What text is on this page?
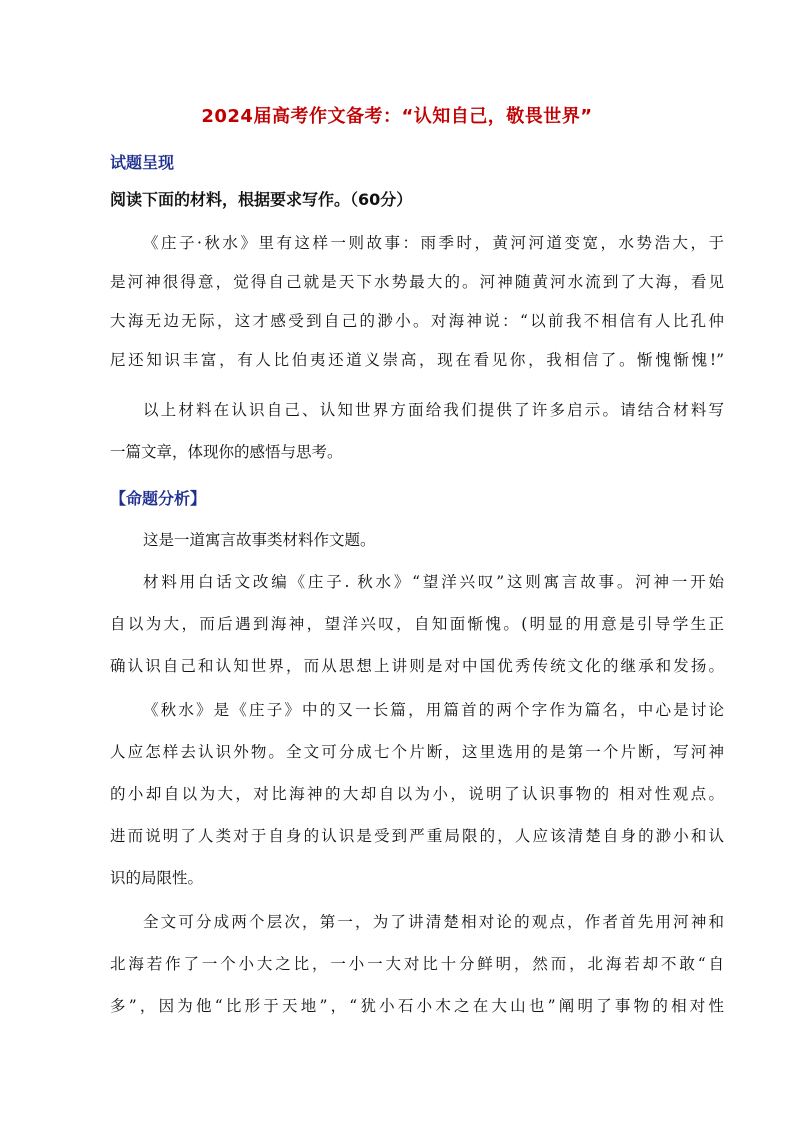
2024届高考作文备考：“认知自己，敬畏世界”
试题呈现
阅读下面的材料，根据要求写作。（60分）
《庄子·秋水》里有这样一则故事：雨季时，黄河河道变宽，水势浩大，于
是河神很得意，觉得自己就是天下水势最大的。河神随黄河水流到了大海，看见
大海无边无际，这才感受到自己的渺小。对海神说：“以前我不相信有人比孔仲
尼还知识丰富，有人比伯夷还道义崇高，现在看见你，我相信了。惭愧惭愧!”
以上材料在认识自己、认知世界方面给我们提供了许多启示。请结合材料写
一篇文章，体现你的感悟与思考。
【命题分析】
这是一道寓言故事类材料作文题。
材料用白话文改编《庄子. 秋水》“望洋兴叹”这则寓言故事。河神一开始
自以为大，而后遇到海神，望洋兴叹，自知面惭愧。(明显的用意是引导学生正
确认识自己和认知世界，而从思想上讲则是对中国优秀传统文化的继承和发扬。
《秋水》是《庄子》中的又一长篇，用篇首的两个字作为篇名，中心是讨论
人应怎样去认识外物。全文可分成七个片断，这里选用的是第一个片断，写河神
的小却自以为大，对比海神的大却自以为小，说明了认识事物的 相对性观点。
进而说明了人类对于自身的认识是受到严重局限的，人应该清楚自身的渺小和认
识的局限性。
全文可分成两个层次，第一，为了讲清楚相对论的观点，作者首先用河神和
北海若作了一个小大之比，一小一大对比十分鲜明，然而，北海若却不敢“自
多”，因为他“比形于天地”，“犹小石小木之在大山也”阐明了事物的相对性
